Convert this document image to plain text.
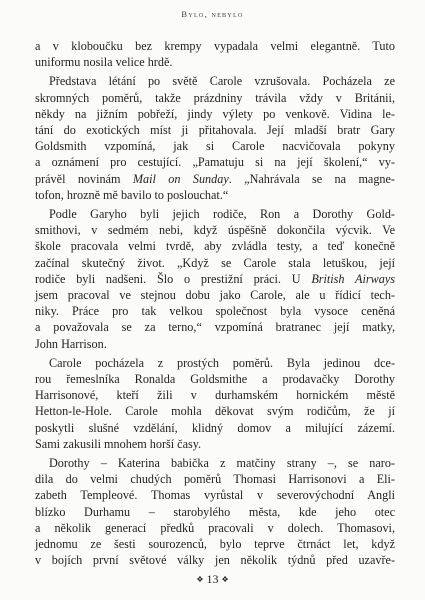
Bylo, nebylo

a v kloboučku bez krempy vypadala velmi elegantně. Tuto
uniformu nosila velice hrdě.

Představa létání po světě Carole vzrušovala. Pocházela ze
skromných poměrů, takže prázdniny trávila vždy v Británii,
někdy na jižním pobřeží, jindy výlety po venkově. Vidina le-
tání do exotických míst ji přitahovala. Její mladší bratr Gary
Goldsmith vzpomíná, jak si Carole nacvičovala pokyny
a oznámení pro cestující. „Pamatuju si na její školení,“ vy-
právěl novinám Mail on Sunday. „Nahrávala se na magne-
tofon, hrozně mě bavilo to poslouchat.“

Podle Garyho byli jejich rodiče, Ron a Dorothy Gold-
smithovi, v sedmém nebi, když úspěšně dokončila výcvik. Ve
škole pracovala velmi tvrdě, aby zvládla testy, a teď konečně
začínal skutečný život. „Když se Carole stala letuškou, její
rodiče byli nadšeni. Šlo o prestižní práci. U British Airways
jsem pracoval ve stejnou dobu jako Carole, ale u řídicí tech-
niky. Práce pro tak velkou společnost byla vysoce ceněná
a považovala se za terno,“ vzpomíná bratranec její matky,
John Harrison.

Carole pocházela z prostých poměrů. Byla jedinou dce-
rou řemeslníka Ronalda Goldsmithe a prodavačky Dorothy
Harrisonové, kteří žili v durhamském hornickém městě
Hetton-le-Hole. Carole mohla děkovat svým rodičům, že jí
poskytli slušné vzdělání, klidný domov a milující zázemí.
Sami zakusili mnohem horší časy.

Dorothy – Katerina babička z matčiny strany –, se naro-
dila do velmi chudých poměrů Thomasi Harrisonovi a Eli-
zabeth Templeové. Thomas vyrůstal v severovýchodní Angli
blízko Durhamu – starobylého města, kde jeho otec
a několik generací předků pracovali v dolech. Thomasovi,
jednomu ze šesti sourozenců, bylo teprve čtrnáct let, když
v bojích první světové války jen několik týdnů před uzavře-

❖ 13 ❖
